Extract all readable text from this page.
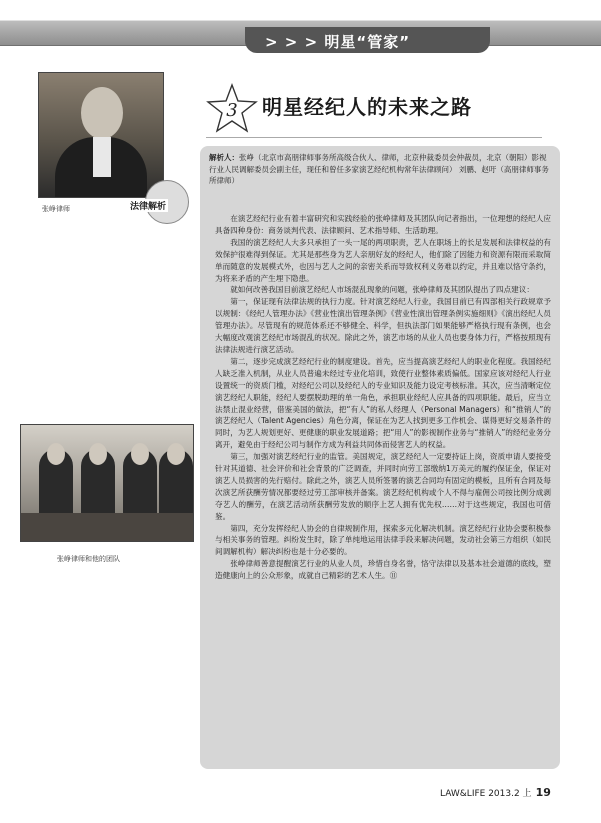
> > > 明星“管家”
张峥律师
张峥律师和他的团队
3 明星经纪人的未来之路
法律解析
解析人：张峥（北京市高朋律师事务所高级合伙人、律师，北京仲裁委员会仲裁员，北京（朝阳）影视行业人民调解委员会副主任，现任和曾任多家演艺经纪机构常年法律顾问） 刘鹏、赵吁（高朋律师事务所律师）

在演艺经纪行业有着丰富研究和实践经验的张峥律师及其团队向记者指出，一位理想的经纪人应具备四种身份：商务谈判代表、法律顾问、艺术指导师、生活助理。

我国的演艺经纪人大多只承担了一头一尾的两项职责，艺人在职场上的长足发展和法律权益的有效保护很难得到保证。尤其是那些身为艺人亲朋好友的经纪人，他们除了因能力和资源有限而采取简单而随意的发展模式外，也因与艺人之间的亲密关系而导致权利义务难以约定，并且难以恪守条约，为将来矛盾的产生埋下隐患。

就如何改善我国目前演艺经纪人市场混乱现象的问题，张峥律师及其团队提出了四点建议：

第一，保证现有法律法规的执行力度。针对演艺经纪人行业，我国目前已有四部相关行政规章予以规制：《经纪人管理办法》《营业性演出管理条例》《营业性演出管理条例实施细则》《演出经纪人员管理办法》。尽管现有的规范体系还不够健全、科学，但执法部门如果能够严格执行现有条例，也会大幅度改观演艺经纪市场混乱的状况。除此之外，演艺市场的从业人员也要身体力行，严格按照现有法律法规进行演艺活动。

第二，逐步完成演艺经纪行业的制度建设。首先，应当提高演艺经纪人的职业化程度。我国经纪人缺乏准入机制，从业人员普遍未经过专业化培训，致使行业整体素质偏低。国家应该对经纪人行业设置统一的资质门槛，对经纪公司以及经纪人的专业知识及能力设定考核标准。其次，应当清晰定位演艺经纪人职能，经纪人要摆脱助理的单一角色，承担职业经纪人应具备的四项职能。最后，应当立法禁止混业经营，借鉴美国的做法，把“有人”的私人经理人（Personal Managers）和“推销人”的演艺经纪人（Talent Agencies）角色分离，保证在为艺人找到更多工作机会、谋得更好交易条件的同时，为艺人规划更好、更健康的职业发展道路；把“用人”的影视制作业务与“推销人”的经纪业务分离开，避免由于经纪公司与制作方成为利益共同体而侵害艺人的权益。

第三，加强对演艺经纪行业的监管。美国规定，演艺经纪人一定要持证上岗，资质申请人要接受针对其道德、社会评价和社会背景的广泛调查，并同时向劳工部缴纳1万美元的履约保证金，保证对演艺人员损害的先行赔付。除此之外，演艺人员所签署的演艺合同均有固定的模板，且所有合同及每次演艺所获酬劳情况都要经过劳工部审核并备案。演艺经纪机构或个人不得与雇佣公司按比例分成剥夺艺人的酬劳，在演艺活动所获酬劳发放的顺序上艺人拥有优先权……对于这些规定，我国也可借鉴。

第四，充分发挥经纪人协会的自律规制作用，探索多元化解决机制。演艺经纪行业协会要积极参与相关事务的管理。纠纷发生时，除了单纯地运用法律手段来解决问题，发动社会第三方组织（如民间调解机构）解决纠纷也是十分必要的。

张峥律师善意提醒演艺行业的从业人员，珍惜自身名誉，恪守法律以及基本社会道德的底线，塑造健康向上的公众形象，成就自己精彩的艺术人生。⑪

LAW&LIFE 2013.2 上 19
